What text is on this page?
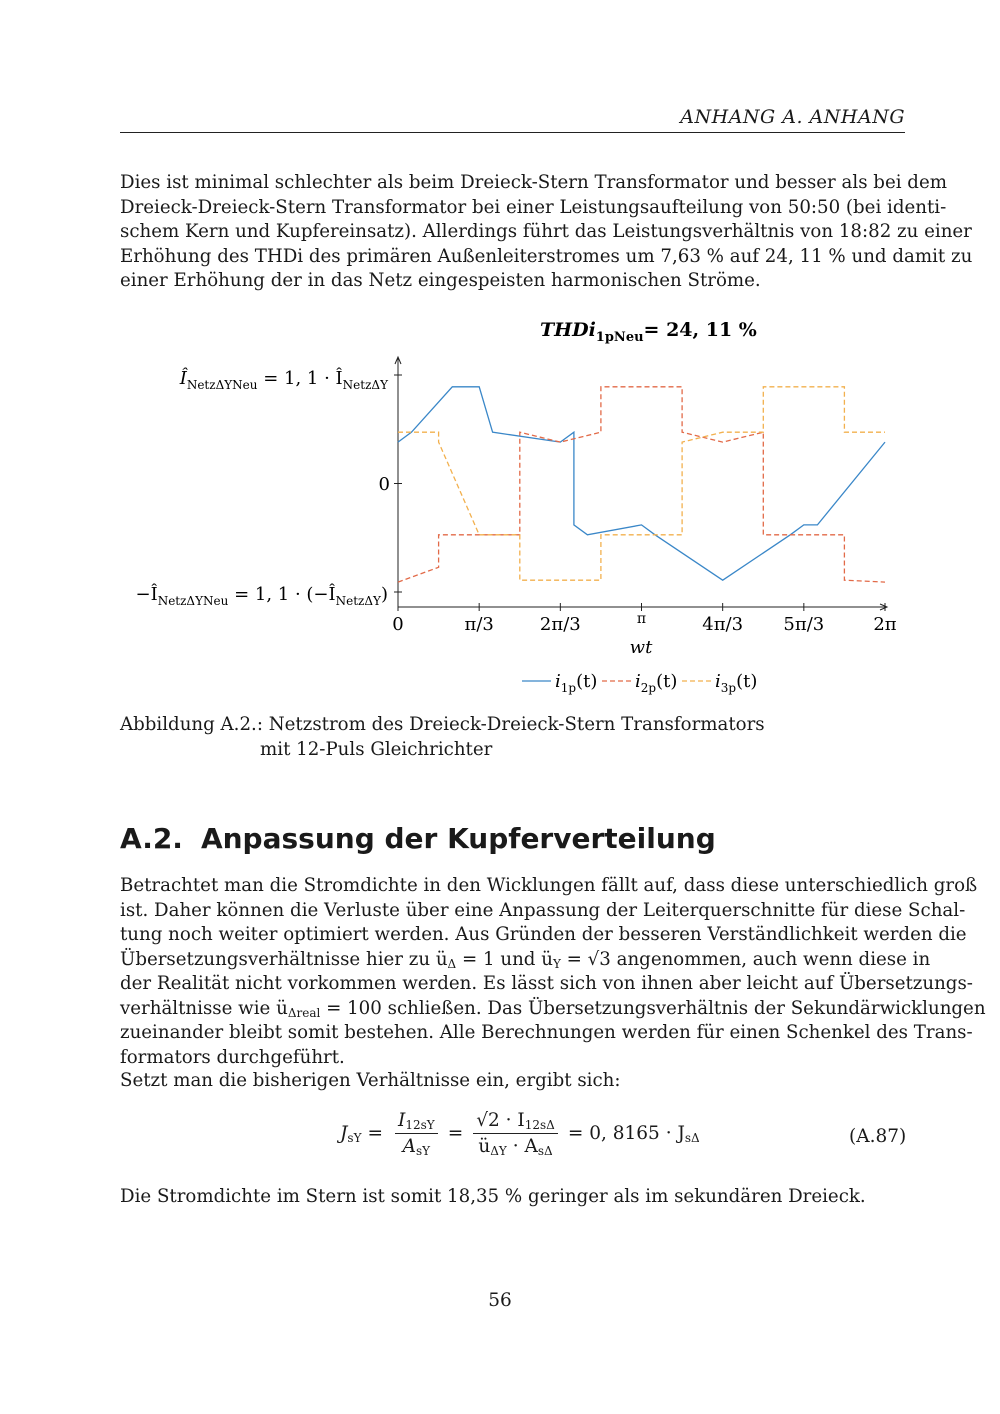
ANHANG A. ANHANG
Dies ist minimal schlechter als beim Dreieck-Stern Transformator und besser als bei dem
Dreieck-Dreieck-Stern Transformator bei einer Leistungsaufteilung von 50:50 (bei identi-
schem Kern und Kupfereinsatz). Allerdings führt das Leistungsverhältnis von 18:82 zu einer
Erhöhung des THDi des primären Außenleiterstromes um 7,63 % auf 24, 11 % und damit zu
einer Erhöhung der in das Netz eingespeisten harmonischen Ströme.
THDi$_{1pNeu}$= 24, 11 %
$Î_{Netz\Delta YNeu} = 1$, $1 \cdot Î_{Netz\Delta Y}$
0
$-Î_{Netz\Delta YNeu} = 1$, $1 \cdot (-Î_{Netz\Delta Y})$
0	π/3	2π/3	π	4π/3 5π/3	2π
wt
$i_{1p}(t)$ $i_{2p}(t)$ $i_{3p}(t)$
Abbildung A.2.: Netzstrom des Dreieck-Dreieck-Stern Transformators
mit 12-Puls Gleichrichter
A.2. Anpassung der Kupferverteilung
Betrachtet man die Stromdichte in den Wicklungen fällt auf, dass diese unterschiedlich groß
ist. Daher können die Verluste über eine Anpassung der Leiterquerschnitte für diese Schal-
tung noch weiter optimiert werden. Aus Gründen der besseren Verständlichkeit werden die
Übersetzungsverhältnisse hier zu $ü_\Delta = 1$ und $ü_Y = √3$ angenommen, auch wenn diese in
der Realität nicht vorkommen werden. Es lässt sich von ihnen aber leicht auf Übersetzungs-
verhältnisse wie $ü_{\Delta real} = 100$ schließen. Das Übersetzungsverhältnis der Sekundärwicklungen
zueinander bleibt somit bestehen. Alle Berechnungen werden für einen Schenkel des Trans-
formators durchgeführt.
Setzt man die bisherigen Verhältnisse ein, ergibt sich:
$J_{sY} = \frac{I_{12sY}}{A_{sY}} = \frac{√2 \cdot I_{12s\Delta}}{ü_{\Delta Y} \cdot A_{s\Delta}} = 0$, $8165 \cdot J_{s\Delta}$	(A.87)
Die Stromdichte im Stern ist somit 18,35 % geringer als im sekundären Dreieck.
56
